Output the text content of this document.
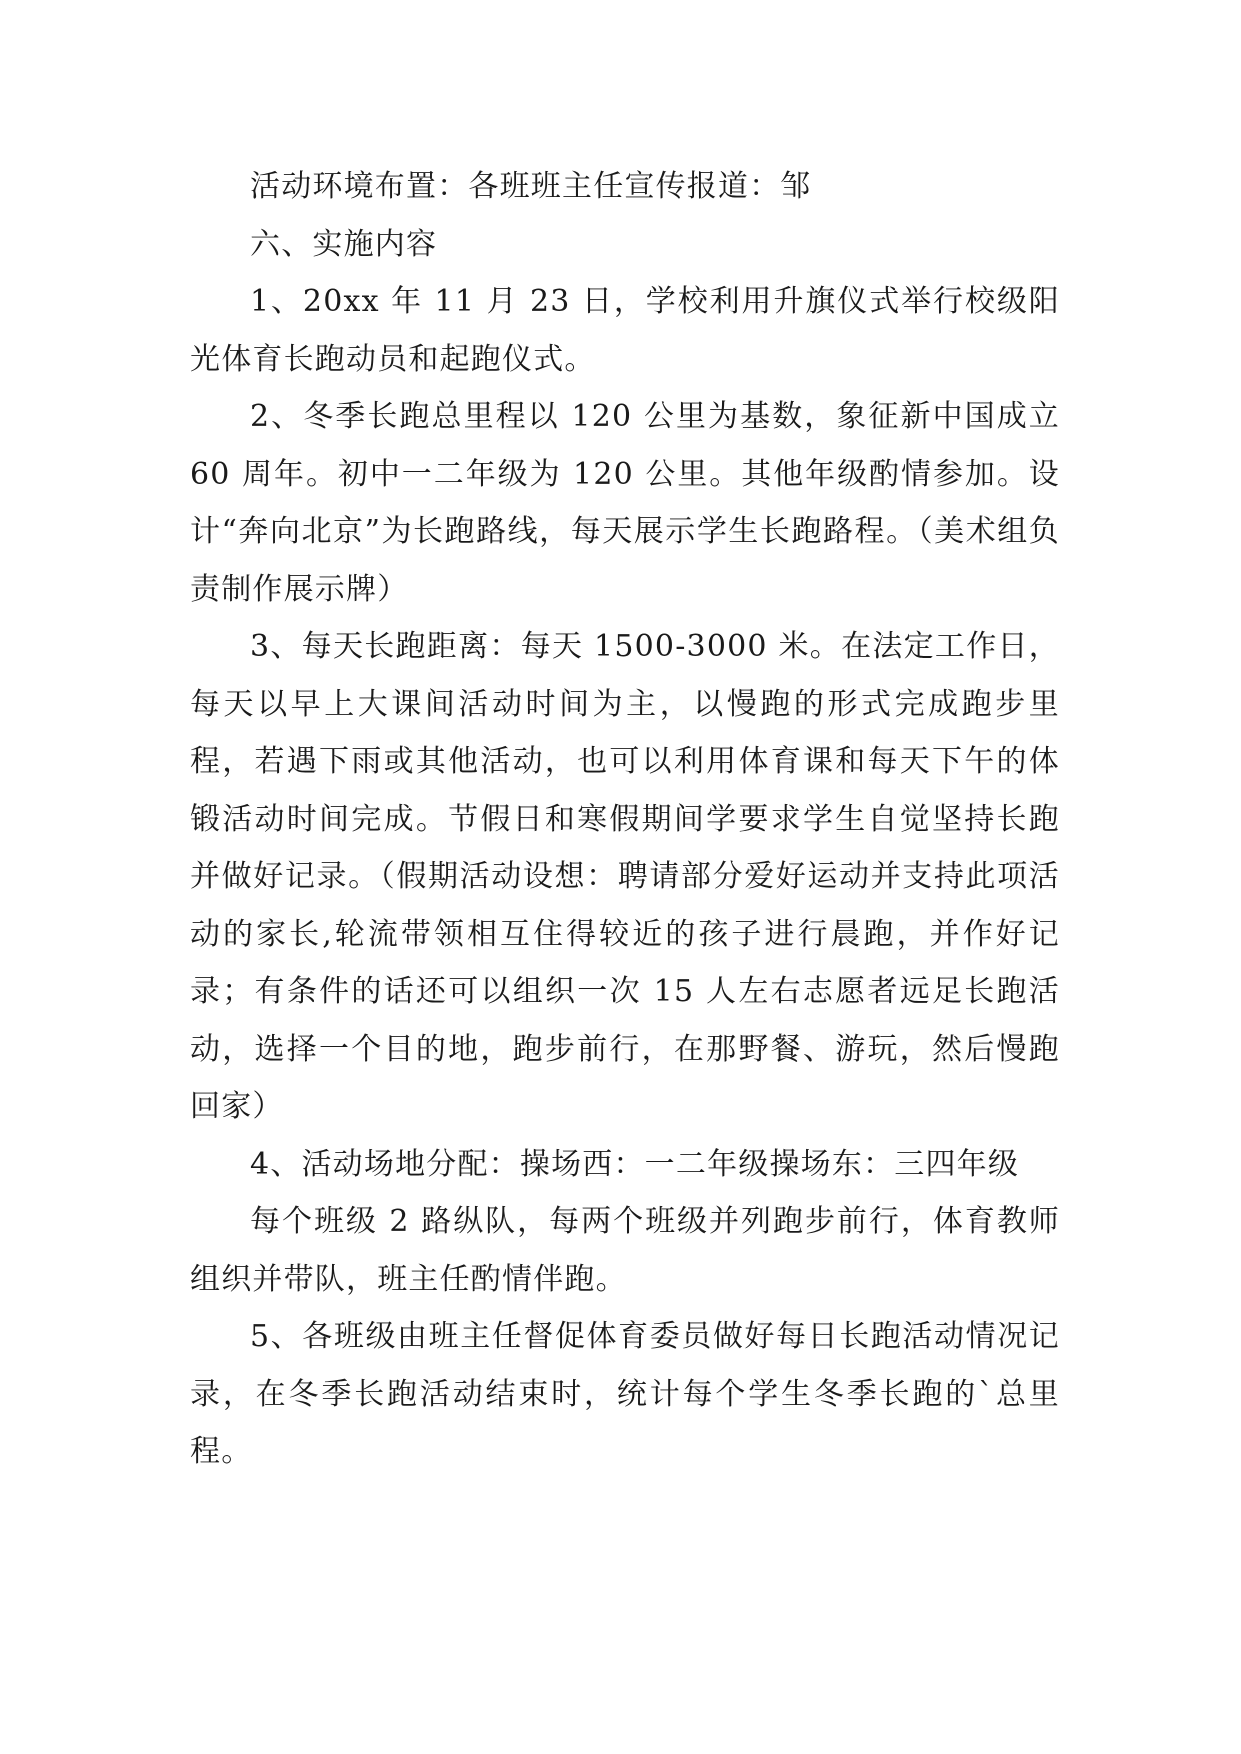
活动环境布置：各班班主任宣传报道：邹

六、实施内容

1、20xx 年 11 月 23 日，学校利用升旗仪式举行校级阳光体育长跑动员和起跑仪式。

2、冬季长跑总里程以 120 公里为基数，象征新中国成立 60 周年。初中一二年级为 120 公里。其他年级酌情参加。设计“奔向北京”为长跑路线，每天展示学生长跑路程。（美术组负责制作展示牌）

3、每天长跑距离：每天 1500-3000 米。在法定工作日，每天以早上大课间活动时间为主，以慢跑的形式完成跑步里程，若遇下雨或其他活动，也可以利用体育课和每天下午的体锻活动时间完成。节假日和寒假期间学要求学生自觉坚持长跑并做好记录。（假期活动设想：聘请部分爱好运动并支持此项活动的家长,轮流带领相互住得较近的孩子进行晨跑，并作好记录；有条件的话还可以组织一次 15 人左右志愿者远足长跑活动，选择一个目的地，跑步前行，在那野餐、游玩，然后慢跑回家）

4、活动场地分配：操场西：一二年级操场东：三四年级

每个班级 2 路纵队，每两个班级并列跑步前行，体育教师组织并带队，班主任酌情伴跑。

5、各班级由班主任督促体育委员做好每日长跑活动情况记录，在冬季长跑活动结束时，统计每个学生冬季长跑的`总里程。
